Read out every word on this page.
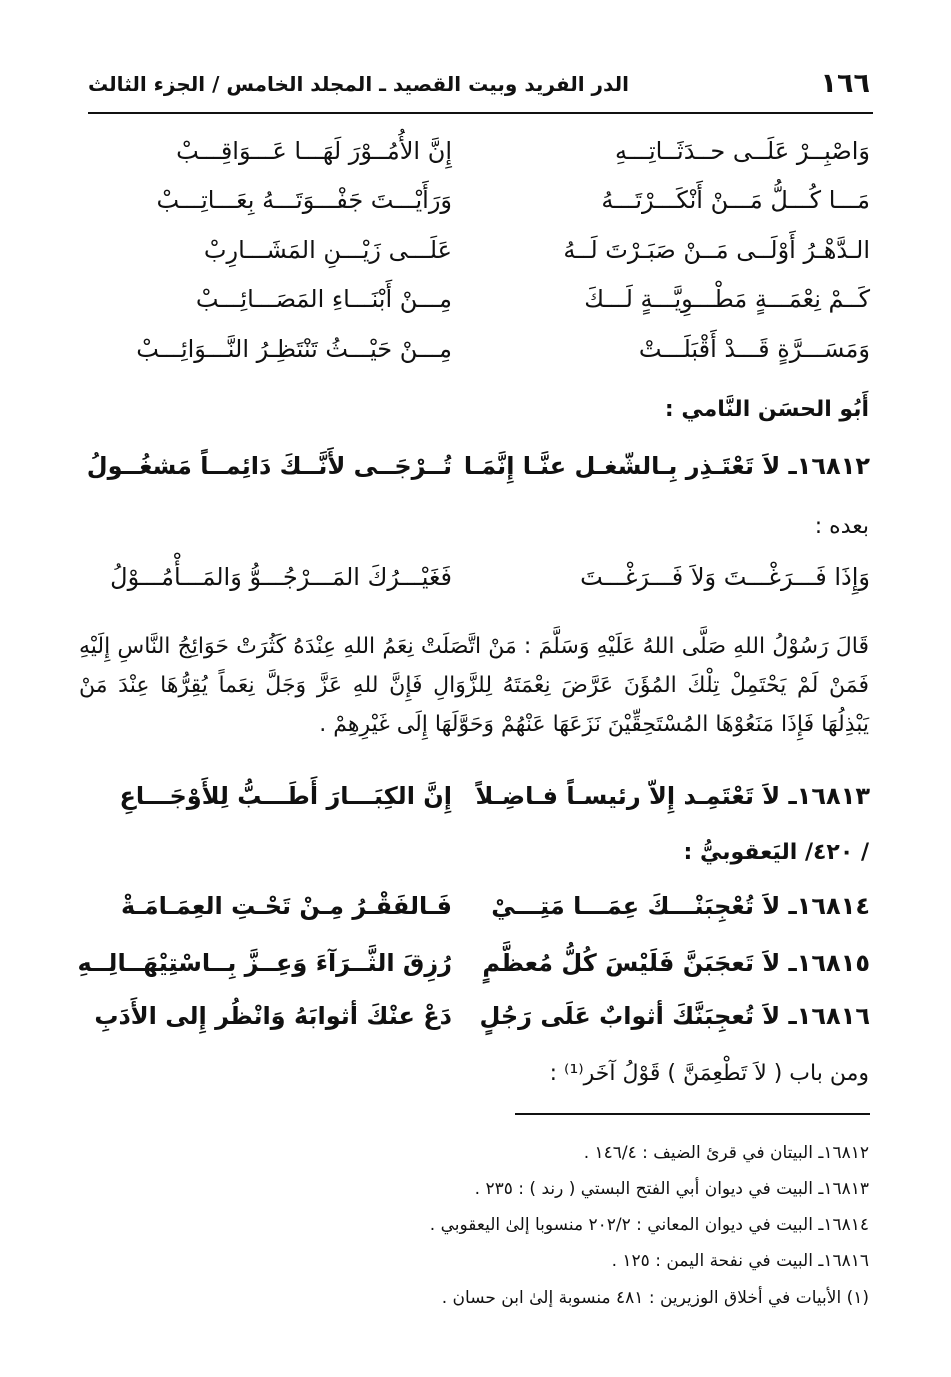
١٦٦
الدر الفريد وبيت القصيد ـ المجلد الخامس / الجزء الثالث
وَاصْبِــرْ عَلَــى حــدَثَــاتِـــهِ
إِنَّ الأُمُــوْرَ لَهَـــا عَـــوَاقِـــبْ
مَـــا كُـــلُّ مَـــنْ أَنْكَـــرْتَـــهُ
وَرَأَيْـــتَ جَفْـــوَتَـــهُ بِعَـــاتِـــبْ
الـدَّهْـرُ أَوْلَــى مَــنْ صَبَـرْتَ لَــهُ
عَلَـــى زَيْـــنِ المَشَـــارِبْ
كَــمْ نِعْمَـــةٍ مَطْـــوِيَّـــةٍ لَـــكَ
مِـــنْ أَبْنَـــاءِ المَصَـــائِـــبْ
وَمَسَـــرَّةٍ قَـــدْ أَقْبَلَـــتْ
مِـــنْ حَيْـــثُ تَنْتَظِـرُ النَّـــوَائِـــبْ
أَبُو الحسَن النَّامي :
١٦٨١٢ـ لاَ تَعْتَـذِر بِـالشّغـل عنَّـا إِنَّمَـا
تُــرْجَــى لأَنَّــكَ دَائِمــاً مَشغُــولُ
بعده :
وَإِذَا فَـــرَغْـــتَ وَلاَ فَـــرَغْـــتَ
فَغَيْـــرُكَ المَـــرْجُـــوُّ وَالمَـــأْمُـــوْلُ
قَالَ رَسُوْلُ اللهِ صَلَّى اللهُ عَلَيْهِ وَسَلَّمَ : مَنْ اتَّصَلَتْ نِعَمُ اللهِ عِنْدَهُ كَثُرَتْ حَوَائِجُ النَّاسِ إِلَيْهِ فَمَنْ لَمْ يَحْتَمِلْ تِلْكَ المُؤَنَ عَرَّضَ نِعْمَتَهُ لِلزَّوَالِ فَإِنَّ للهِ عَزَّ وَجَلَّ نِعَماً يُقِرُّهَا عِنْدَ مَنْ يَبْذِلُهَا فَإِذَا مَنَعُوْهَا المُسْتَحِقِّيْنَ نَزَعَهَا عَنْهُمْ وَحَوَّلَهَا إِلَى غَيْرِهِمْ .
١٦٨١٣ـ لاَ تَعْتَمِـد إِلاّ رئيسـاً فـاضِـلاً
إِنَّ الكِبَـــارَ أَطَـــبُّ لِلأَوْجَـــاعِ
/ ٤٢٠/ اليَعقوبيُّ :
١٦٨١٤ـ لاَ تُعْجِبَنْـــكَ عِمَـــا مَتِـــيْ
فَـالفَقْـرُ مِـنْ تَحْـتِ العِمَـامَـةْ
١٦٨١٥ـ لاَ تَعجَبَنَّ فَلَيْسَ كُلُّ مُعظَّمٍ
رُزِقَ الثَّــرَآءَ وَعِــزَّ بِــاسْتِيْهَــالِــهِ
١٦٨١٦ـ لاَ تُعجِبَنَّكَ أثوابٌ عَلَى رَجُلٍ
دَعْ عنْكَ أثوابَهُ وَانْظُر إِلى الأَدَبِ
ومن باب ( لاَ تَطْعِمَنَّ ) قَوْلُ آخَر⁽¹⁾ :
١٦٨١٢ـ البيتان في قرئ الضيف : ١٤٦/٤ .
١٦٨١٣ـ البيت في ديوان أبي الفتح البستي ( رند ) : ٢٣٥ .
١٦٨١٤ـ البيت في ديوان المعاني : ٢٠٢/٢ منسوبا إلىٰ اليعقوبي .
١٦٨١٦ـ البيت في نفحة اليمن : ١٢٥ .
(١) الأبيات في أخلاق الوزيرين : ٤٨١ منسوبة إلىٰ ابن حسان .
